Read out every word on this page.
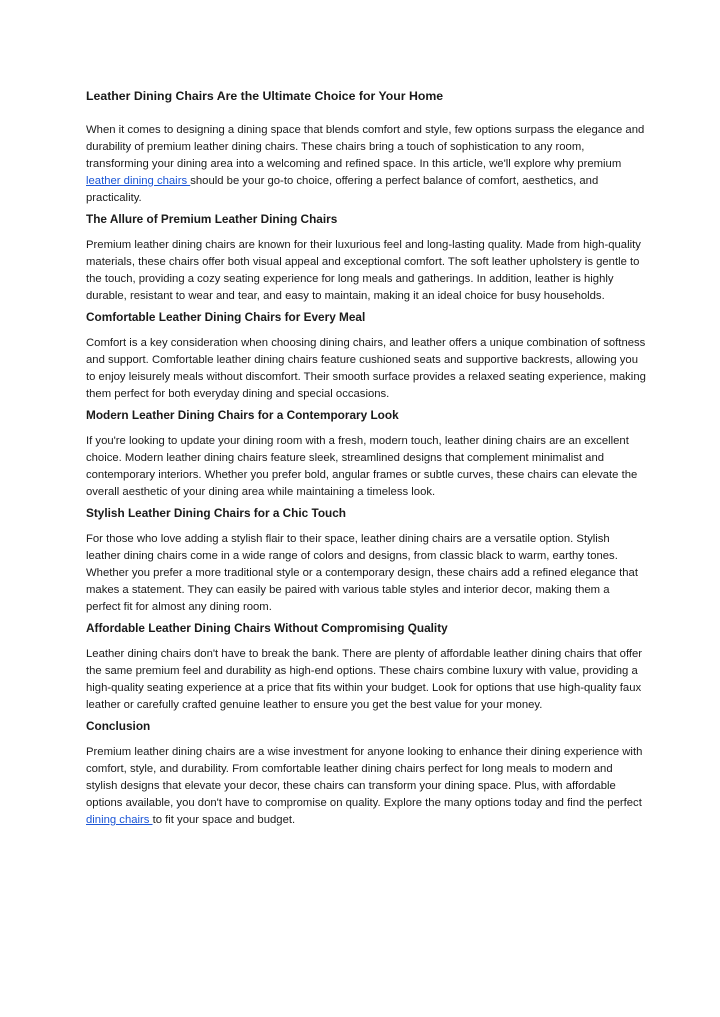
Leather Dining Chairs Are the Ultimate Choice for Your Home

When it comes to designing a dining space that blends comfort and style, few options surpass the elegance and durability of premium leather dining chairs. These chairs bring a touch of sophistication to any room, transforming your dining area into a welcoming and refined space. In this article, we'll explore why premium leather dining chairs should be your go-to choice, offering a perfect balance of comfort, aesthetics, and practicality.

The Allure of Premium Leather Dining Chairs

Premium leather dining chairs are known for their luxurious feel and long-lasting quality. Made from high-quality materials, these chairs offer both visual appeal and exceptional comfort. The soft leather upholstery is gentle to the touch, providing a cozy seating experience for long meals and gatherings. In addition, leather is highly durable, resistant to wear and tear, and easy to maintain, making it an ideal choice for busy households.

Comfortable Leather Dining Chairs for Every Meal

Comfort is a key consideration when choosing dining chairs, and leather offers a unique combination of softness and support. Comfortable leather dining chairs feature cushioned seats and supportive backrests, allowing you to enjoy leisurely meals without discomfort. Their smooth surface provides a relaxed seating experience, making them perfect for both everyday dining and special occasions.

Modern Leather Dining Chairs for a Contemporary Look

If you're looking to update your dining room with a fresh, modern touch, leather dining chairs are an excellent choice. Modern leather dining chairs feature sleek, streamlined designs that complement minimalist and contemporary interiors. Whether you prefer bold, angular frames or subtle curves, these chairs can elevate the overall aesthetic of your dining area while maintaining a timeless look.

Stylish Leather Dining Chairs for a Chic Touch

For those who love adding a stylish flair to their space, leather dining chairs are a versatile option. Stylish leather dining chairs come in a wide range of colors and designs, from classic black to warm, earthy tones. Whether you prefer a more traditional style or a contemporary design, these chairs add a refined elegance that makes a statement. They can easily be paired with various table styles and interior decor, making them a perfect fit for almost any dining room.

Affordable Leather Dining Chairs Without Compromising Quality

Leather dining chairs don't have to break the bank. There are plenty of affordable leather dining chairs that offer the same premium feel and durability as high-end options. These chairs combine luxury with value, providing a high-quality seating experience at a price that fits within your budget. Look for options that use high-quality faux leather or carefully crafted genuine leather to ensure you get the best value for your money.

Conclusion

Premium leather dining chairs are a wise investment for anyone looking to enhance their dining experience with comfort, style, and durability. From comfortable leather dining chairs perfect for long meals to modern and stylish designs that elevate your decor, these chairs can transform your dining space. Plus, with affordable options available, you don't have to compromise on quality. Explore the many options today and find the perfect dining chairs to fit your space and budget.
